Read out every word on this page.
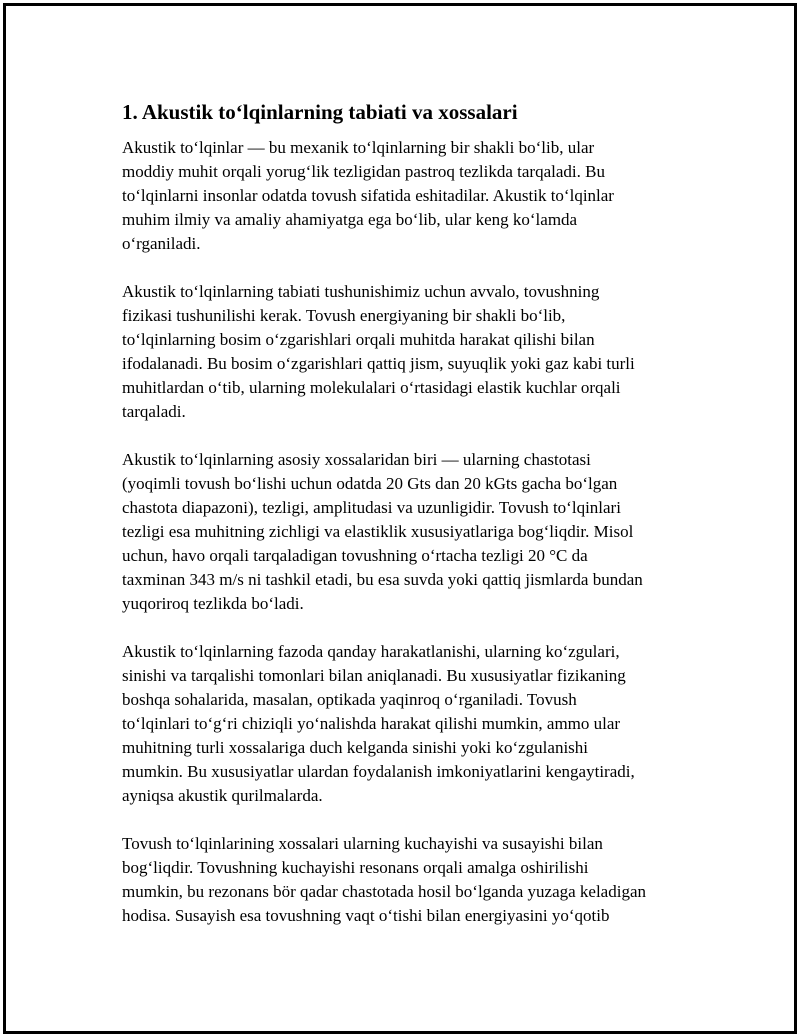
1. Akustik to‘lqinlarning tabiati va xossalari

Akustik to‘lqinlar — bu mexanik to‘lqinlarning bir shakli bo‘lib, ular
moddiy muhit orqali yorug‘lik tezligidan pastroq tezlikda tarqaladi. Bu
to‘lqinlarni insonlar odatda tovush sifatida eshitadilar. Akustik to‘lqinlar
muhim ilmiy va amaliy ahamiyatga ega bo‘lib, ular keng ko‘lamda
o‘rganiladi.

Akustik to‘lqinlarning tabiati tushunishimiz uchun avvalo, tovushning
fizikasi tushunilishi kerak. Tovush energiyaning bir shakli bo‘lib,
to‘lqinlarning bosim o‘zgarishlari orqali muhitda harakat qilishi bilan
ifodalanadi. Bu bosim o‘zgarishlari qattiq jism, suyuqlik yoki gaz kabi turli
muhitlardan o‘tib, ularning molekulalari o‘rtasidagi elastik kuchlar orqali
tarqaladi.

Akustik to‘lqinlarning asosiy xossalaridan biri — ularning chastotasi
(yoqimli tovush bo‘lishi uchun odatda 20 Gts dan 20 kGts gacha bo‘lgan
chastota diapazoni), tezligi, amplitudasi va uzunligidir. Tovush to‘lqinlari
tezligi esa muhitning zichligi va elastiklik xususiyatlariga bog‘liqdir. Misol
uchun, havo orqali tarqaladigan tovushning o‘rtacha tezligi 20 °C da
taxminan 343 m/s ni tashkil etadi, bu esa suvda yoki qattiq jismlarda bundan
yuqoriroq tezlikda bo‘ladi.

Akustik to‘lqinlarning fazoda qanday harakatlanishi, ularning ko‘zgulari,
sinishi va tarqalishi tomonlari bilan aniqlanadi. Bu xususiyatlar fizikaning
boshqa sohalarida, masalan, optikada yaqinroq o‘rganiladi. Tovush
to‘lqinlari to‘g‘ri chiziqli yo‘nalishda harakat qilishi mumkin, ammo ular
muhitning turli xossalariga duch kelganda sinishi yoki ko‘zgulanishi
mumkin. Bu xususiyatlar ulardan foydalanish imkoniyatlarini kengaytiradi,
ayniqsa akustik qurilmalarda.

Tovush to‘lqinlarining xossalari ularning kuchayishi va susayishi bilan
bog‘liqdir. Tovushning kuchayishi resonans orqali amalga oshirilishi
mumkin, bu rezonans bör qadar chastotada hosil bo‘lganda yuzaga keladigan
hodisa. Susayish esa tovushning vaqt o‘tishi bilan energiyasini yo‘qotib
